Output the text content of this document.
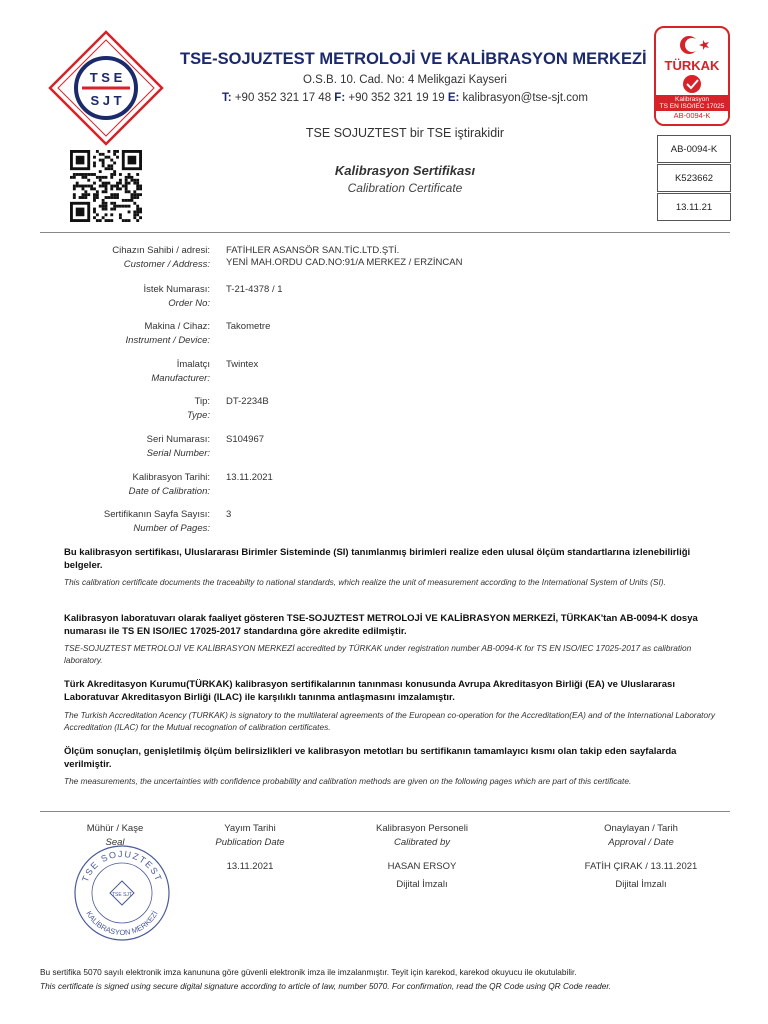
T S E
S J T
TSE-SOJUZTEST METROLOJİ VE KALİBRASYON MERKEZİ
O.S.B. 10. Cad. No: 4 Melikgazi Kayseri
T: +90 352 321 17 48 F: +90 352 321 19 19 E: kalibrasyon@tse-sjt.com
TSE SOJUZTEST bir TSE iştirakidir
TÜRKAK
Kalibrasyon
TS EN ISO/IEC 17025
AB-0094-K
Kalibrasyon Sertifikası
Calibration Certificate
AB-0094-K
K523662
13.11.21
Cihazın Sahibi / adresi:
Customer / Address:
FATİHLER ASANSÖR SAN.TİC.LTD.ŞTİ.
YENİ MAH.ORDU CAD.NO:91/A MERKEZ / ERZİNCAN
İstek Numarası:
Order No:
T-21-4378 / 1
Makina / Cihaz:
Instrument / Device:
Takometre
İmalatçı
Manufacturer:
Twintex
Tip:
Type:
DT-2234B
Seri Numarası:
Serial Number:
S104967
Kalibrasyon Tarihi:
Date of Calibration:
13.11.2021
Sertifikanın Sayfa Sayısı:
Number of Pages:
3
Bu kalibrasyon sertifikası, Uluslararası Birimler Sisteminde (SI) tanımlanmış birimleri realize eden ulusal ölçüm standartlarına izlenebilirliği belgeler.
This calibration certificate documents the traceabilty to national standards, which realize the unit of measurement according to the International System of Units (SI).
Kalibrasyon laboratuvarı olarak faaliyet gösteren TSE-SOJUZTEST METROLOJİ VE KALİBRASYON MERKEZİ, TÜRKAK'tan AB-0094-K dosya numarası ile TS EN ISO/IEC 17025-2017 standardına göre akredite edilmiştir.
TSE-SOJUZTEST METROLOJİ VE KALİBRASYON MERKEZİ accredited by TÜRKAK under registration number AB-0094-K for TS EN ISO/IEC 17025-2017 as calibration laboratory.
Türk Akreditasyon Kurumu(TÜRKAK) kalibrasyon sertifikalarının tanınması konusunda Avrupa Akreditasyon Birliği (EA) ve Uluslararası Laboratuvar Akreditasyon Birliği (ILAC) ile karşılıklı tanınma antlaşmasını imzalamıştır.
The Turkish Accreditation Acency (TURKAK) is signatory to the multilateral agreements of the European co-operation for the Accreditation(EA) and of the International Laboratory Accreditation (ILAC) for the Mutual recognation of calibration certificates.
Ölçüm sonuçları, genişletilmiş ölçüm belirsizlikleri ve kalibrasyon metotları bu sertifikanın tamamlayıcı kısmı olan takip eden sayfalarda verilmiştir.
The measurements, the uncertainties with confidence probability and calibration methods are given on the following pages which are part of this certificate.
Mühür / Kaşe
Seal
Yayım Tarihi
Publication Date
Kalibrasyon Personeli
Calibrated by
Onaylayan / Tarih
Approval / Date
13.11.2021	HASAN ERSOY
Dijital İmzalı
FATİH ÇIRAK / 13.11.2021
Dijital İmzalı
TSE SOJUZTEST
KALİBRASYON MERKEZİ
TSE SJT
Bu sertifika 5070 sayılı elektronik imza kanununa göre güvenli elektronik imza ile imzalanmıştır. Teyit için karekod, karekod okuyucu ile okutulabilir.
This certificate is signed using secure digital signature according to article of law, number 5070. For confirmation, read the QR Code using QR Code reader.
